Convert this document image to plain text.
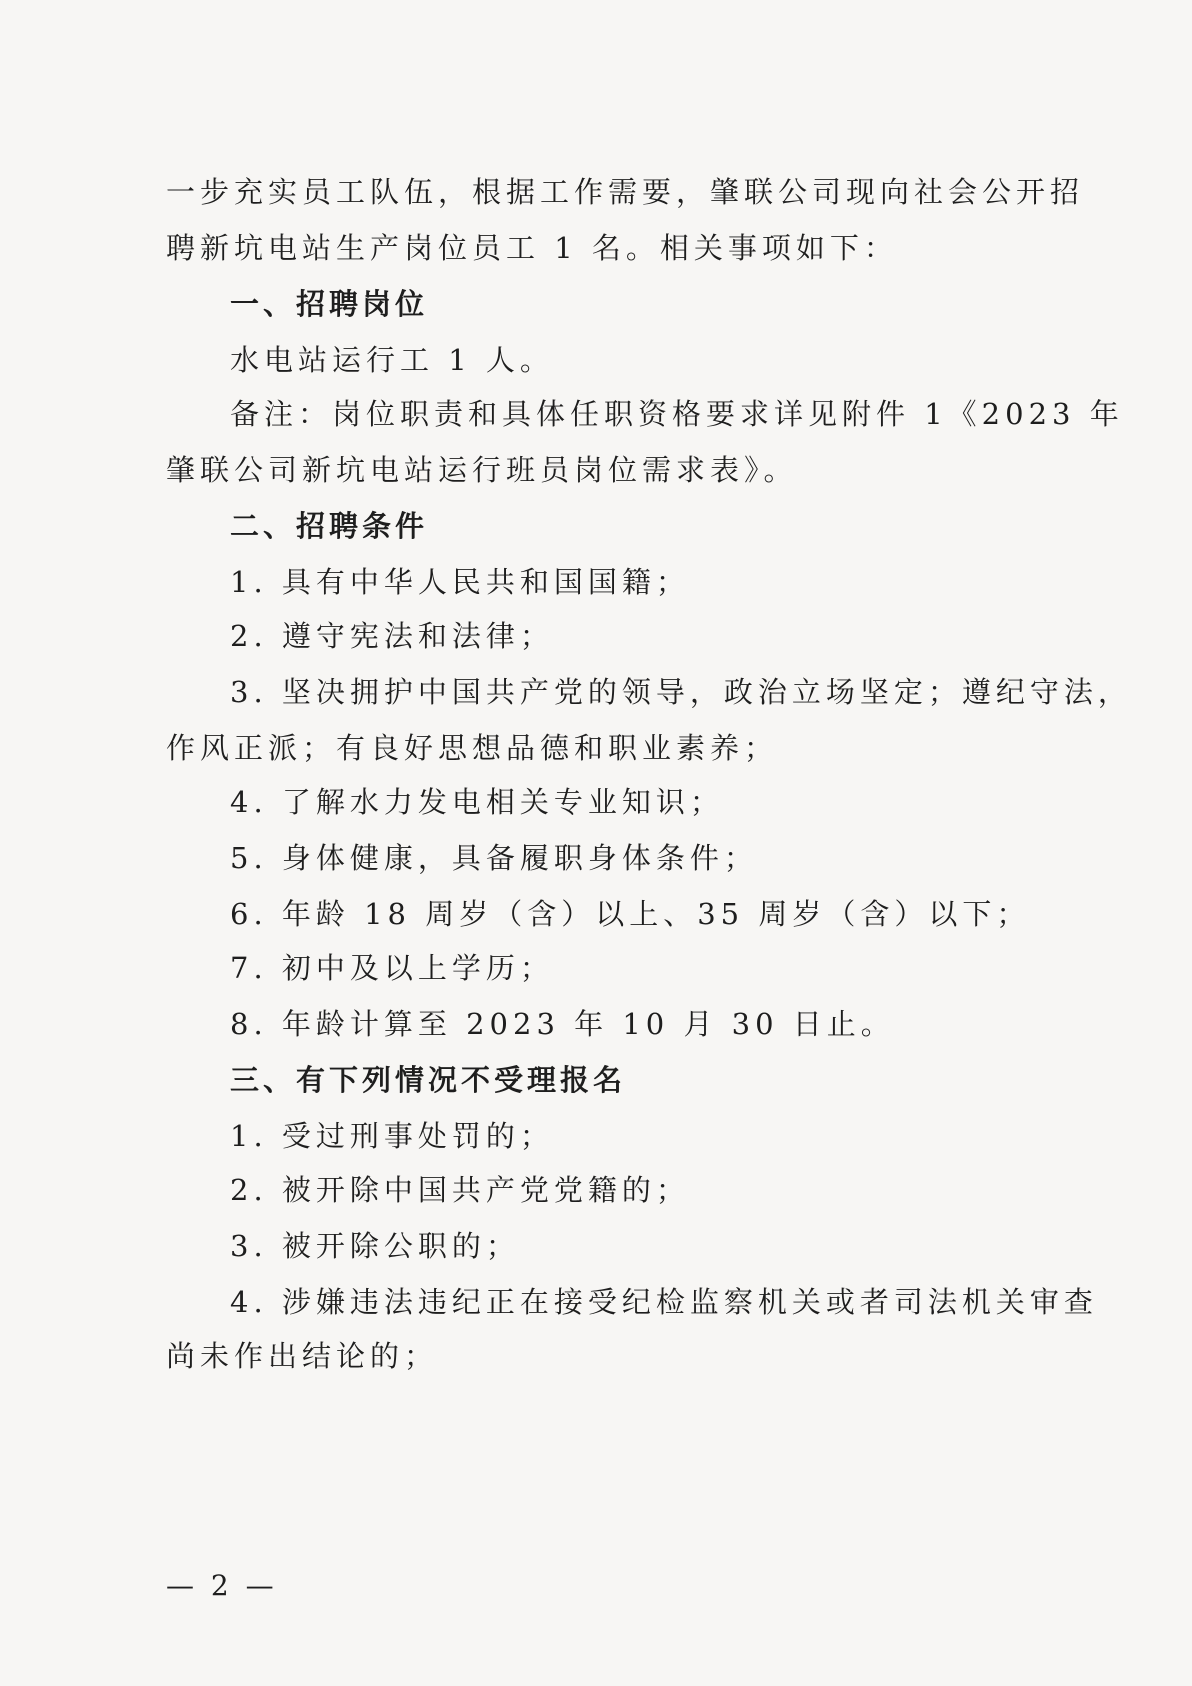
一步充实员工队伍，根据工作需要，肇联公司现向社会公开招
聘新坑电站生产岗位员工 1 名。相关事项如下：
一、招聘岗位
水电站运行工 1 人。
备注：岗位职责和具体任职资格要求详见附件 1《2023 年
肇联公司新坑电站运行班员岗位需求表》。
二、招聘条件
1. 具有中华人民共和国国籍；
2. 遵守宪法和法律；
3. 坚决拥护中国共产党的领导，政治立场坚定；遵纪守法，
作风正派；有良好思想品德和职业素养；
4. 了解水力发电相关专业知识；
5. 身体健康，具备履职身体条件；
6. 年龄 18 周岁（含）以上、35 周岁（含）以下；
7. 初中及以上学历；
8. 年龄计算至 2023 年 10 月 30 日止。
三、有下列情况不受理报名
1. 受过刑事处罚的；
2. 被开除中国共产党党籍的；
3. 被开除公职的；
4. 涉嫌违法违纪正在接受纪检监察机关或者司法机关审查
尚未作出结论的；
— 2 —
